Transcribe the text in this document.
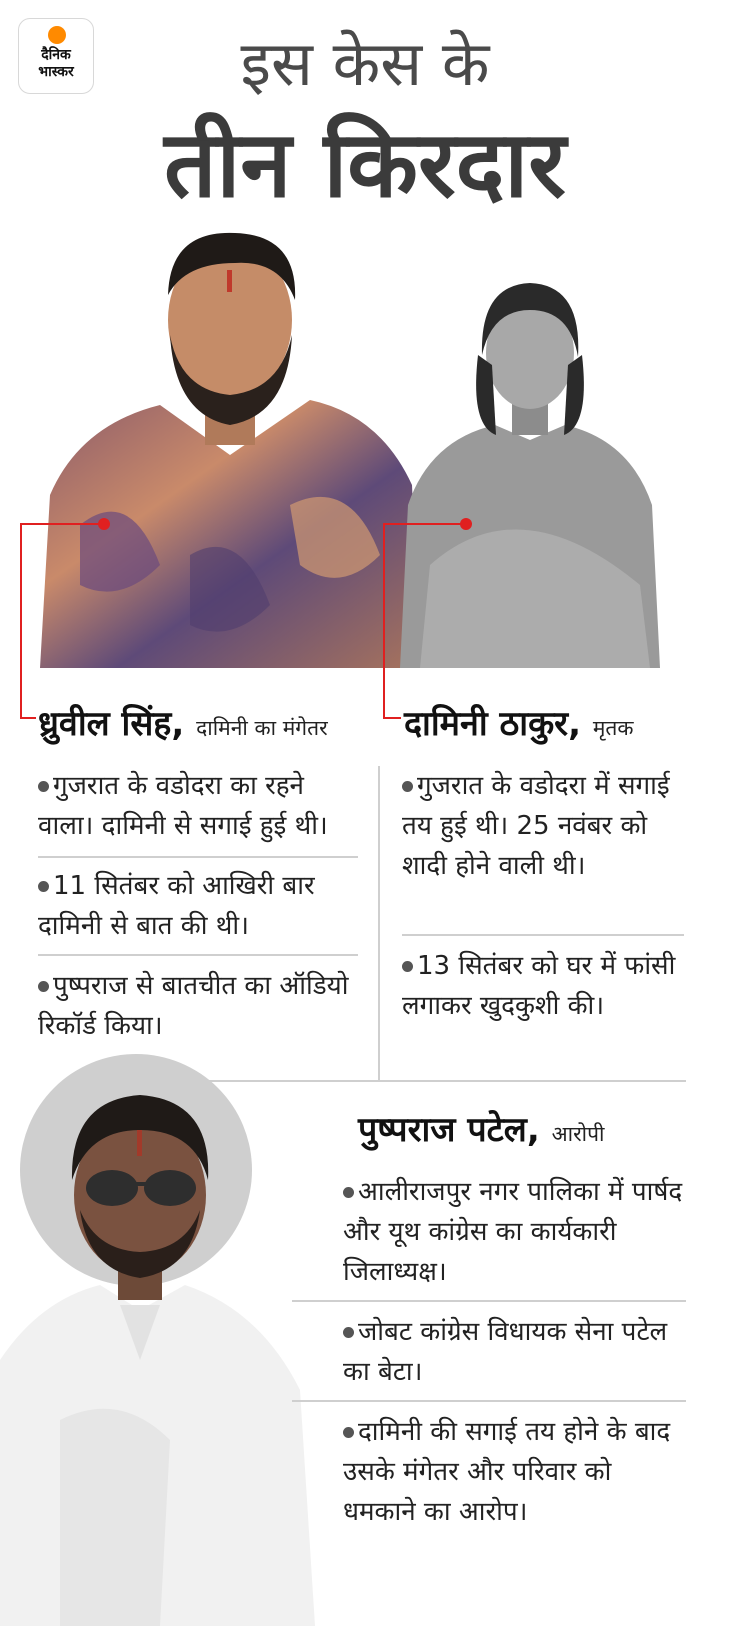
दैनिक
भास्कर	इस केस के
तीन किरदार
ध्रुवील सिंह, दामिनी का मंगेतर
गुजरात के वडोदरा का रहने वाला। दामिनी से सगाई हुई थी।
11 सितंबर को आखिरी बार दामिनी से बात की थी।
पुष्पराज से बातचीत का ऑडियो रिकॉर्ड किया।
दामिनी ठाकुर, मृतक
गुजरात के वडोदरा में सगाई तय हुई थी। 25 नवंबर को शादी होने वाली थी।
13 सितंबर को घर में फांसी लगाकर खुदकुशी की।
पुष्पराज पटेल, आरोपी
आलीराजपुर नगर पालिका में पार्षद और यूथ कांग्रेस का कार्यकारी जिलाध्यक्ष।
जोबट कांग्रेस विधायक सेना पटेल का बेटा।
दामिनी की सगाई तय होने के बाद उसके मंगेतर और परिवार को धमकाने का आरोप।
